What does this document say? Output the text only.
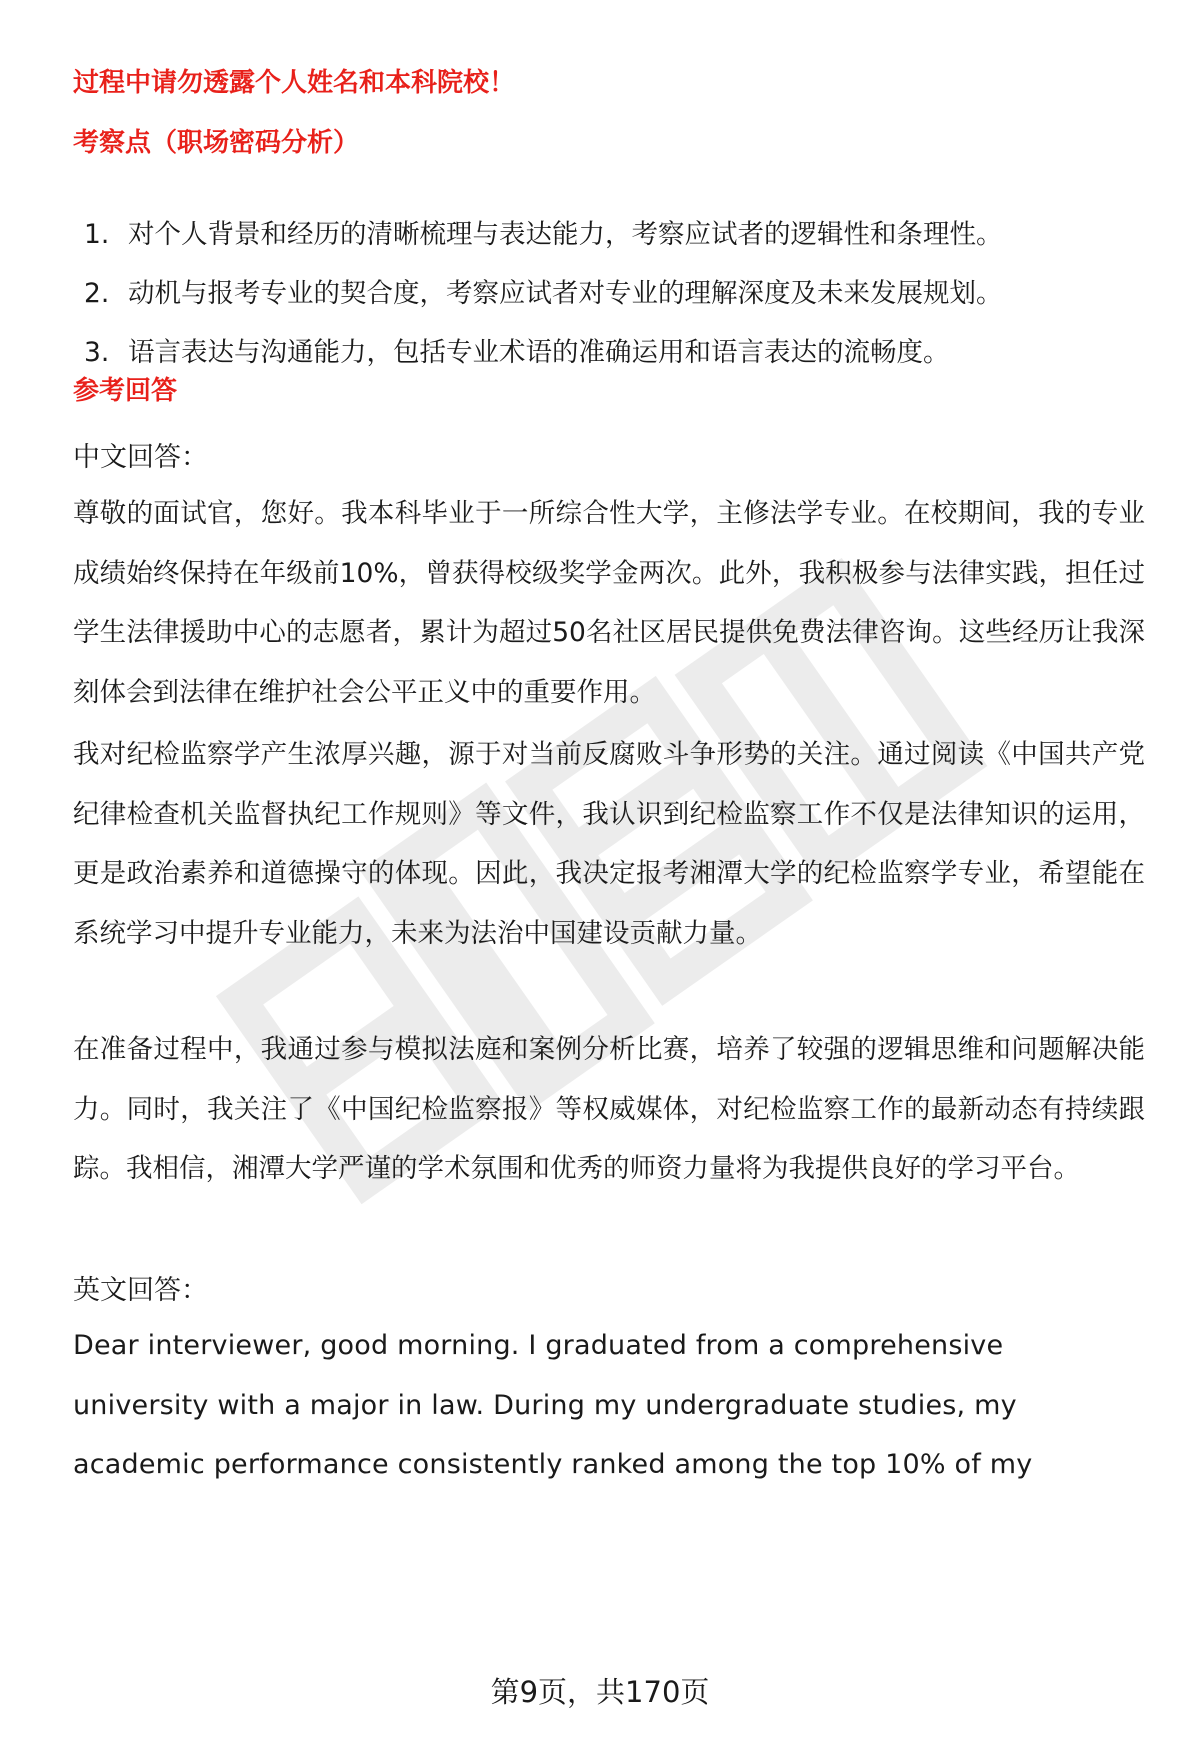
过程中请勿透露个人姓名和本科院校！
考察点（职场密码分析）
1. 对个人背景和经历的清晰梳理与表达能力，考察应试者的逻辑性和条理性。
2. 动机与报考专业的契合度，考察应试者对专业的理解深度及未来发展规划。
3. 语言表达与沟通能力，包括专业术语的准确运用和语言表达的流畅度。
参考回答
中文回答：

尊敬的面试官，您好。我本科毕业于一所综合性大学，主修法学专业。在校期间，我的专业成绩始终保持在年级前10%，曾获得校级奖学金两次。此外，我积极参与法律实践，担任过学生法律援助中心的志愿者，累计为超过50名社区居民提供免费法律咨询。这些经历让我深刻体会到法律在维护社会公平正义中的重要作用。

我对纪检监察学产生浓厚兴趣，源于对当前反腐败斗争形势的关注。通过阅读《中国共产党纪律检查机关监督执纪工作规则》等文件，我认识到纪检监察工作不仅是法律知识的运用，更是政治素养和道德操守的体现。因此，我决定报考湘潭大学的纪检监察学专业，希望能在系统学习中提升专业能力，未来为法治中国建设贡献力量。

在准备过程中，我通过参与模拟法庭和案例分析比赛，培养了较强的逻辑思维和问题解决能力。同时，我关注了《中国纪检监察报》等权威媒体，对纪检监察工作的最新动态有持续跟踪。我相信，湘潭大学严谨的学术氛围和优秀的师资力量将为我提供良好的学习平台。

英文回答：

Dear interviewer, good morning. I graduated from a comprehensive university with a major in law. During my undergraduate studies, my academic performance consistently ranked among the top 10% of my

第9页，共170页
